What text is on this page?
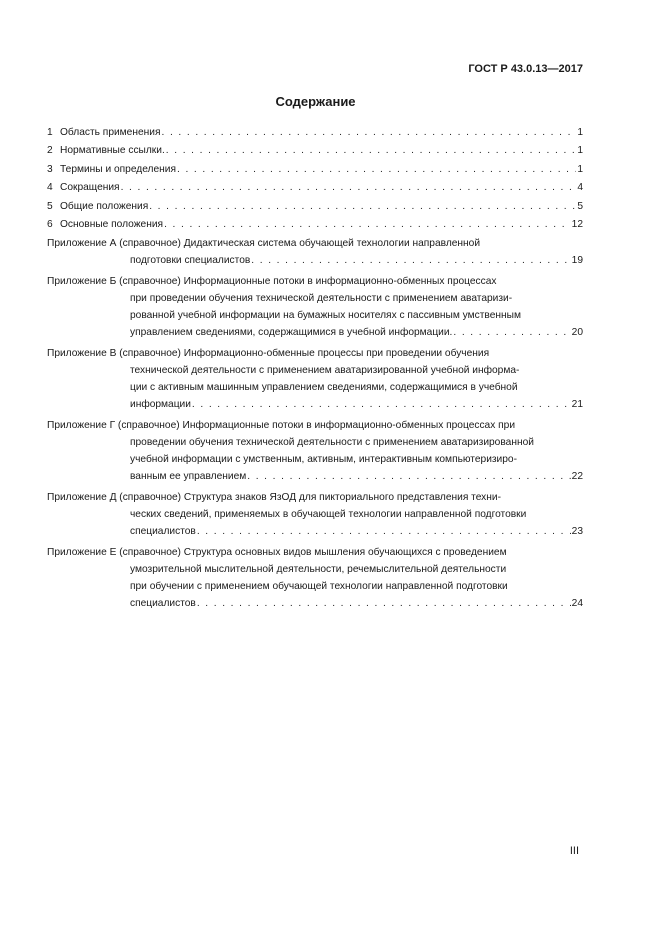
ГОСТ Р 43.0.13—2017
Содержание
1 Область применения . . .	1
2 Нормативные ссылки. . . .	1
3 Термины и определения . . .	1
4 Сокращения . . .	4
5 Общие положения . . .	5
6 Основные положения . . .	12
Приложение А (справочное) Дидактическая система обучающей технологии направленной
подготовки специалистов . . .	19
Приложение Б (справочное) Информационные потоки в информационно-обменных процессах
при проведении обучения технической деятельности с применением аватаризи-
рованной учебной информации на бумажных носителях с пассивным умственным
управлением сведениями, содержащимися в учебной информации. . . .	20
Приложение В (справочное) Информационно-обменные процессы при проведении обучения
технической деятельности с применением аватаризированной учебной информа-
ции с активным машинным управлением сведениями, содержащимися в учебной
информации . . .	21
Приложение Г (справочное) Информационные потоки в информационно-обменных процессах при
проведении обучения технической деятельности с применением аватаризированной
учебной информации с умственным, активным, интерактивным компьютеризиро-
ванным ее управлением . . .	22
Приложение Д (справочное) Структура знаков ЯзОД для пиктoриального представления техни-
ческих сведений, применяемых в обучающей технологии направленной подготовки
специалистов . . .	23
Приложение Е (справочное) Структура основных видов мышления обучающихся с проведением
умозрительной мыслительной деятельности, речемыслительной деятельности
при обучении с применением обучающей технологии направленной подготовки
специалистов . . .	24
III
